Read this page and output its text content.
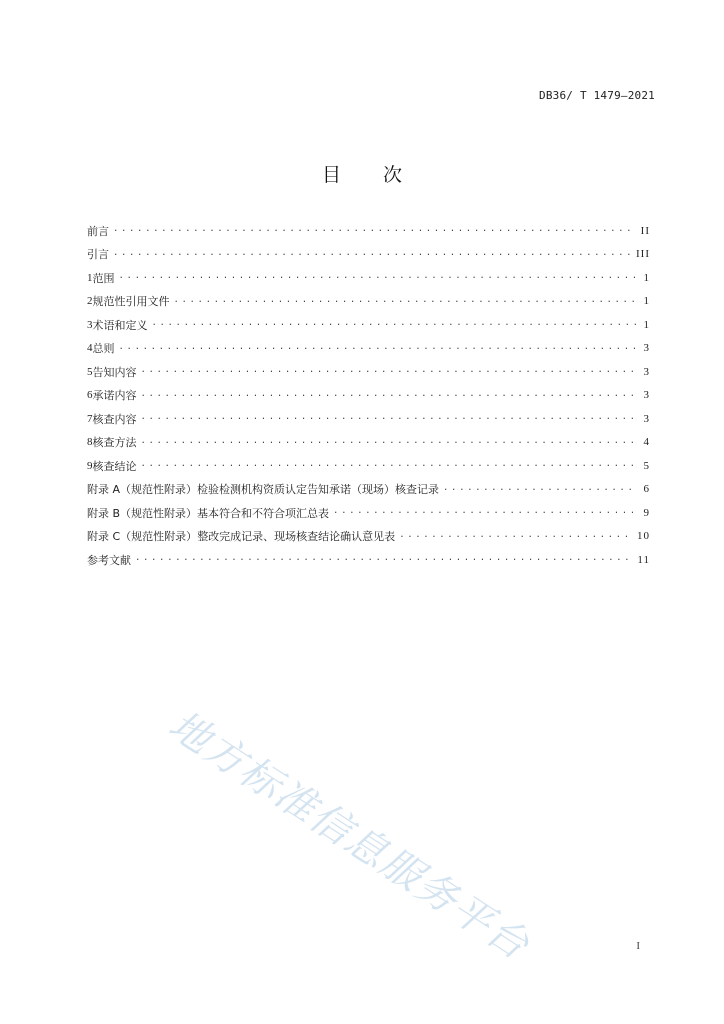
DB36/ T 1479—2021
目 次
前言 .....	II
引言 .....	III
1 范围 .....	1
2 规范性引用文件 .....	1
3 术语和定义 .....	1
4 总则 .....	3
5 告知内容 .....	3
6 承诺内容 .....	3
7 核查内容 .....	3
8 核查方法 .....	4
9 核查结论 .....	5
附录 A（规范性附录） 检验检测机构资质认定告知承诺（现场）核查记录 .....	6
附录 B（规范性附录） 基本符合和不符合项汇总表 .....	9
附录 C（规范性附录） 整改完成记录、现场核查结论确认意见表 .....	10
参考文献 .....	11
地方标准信息服务平台	I
